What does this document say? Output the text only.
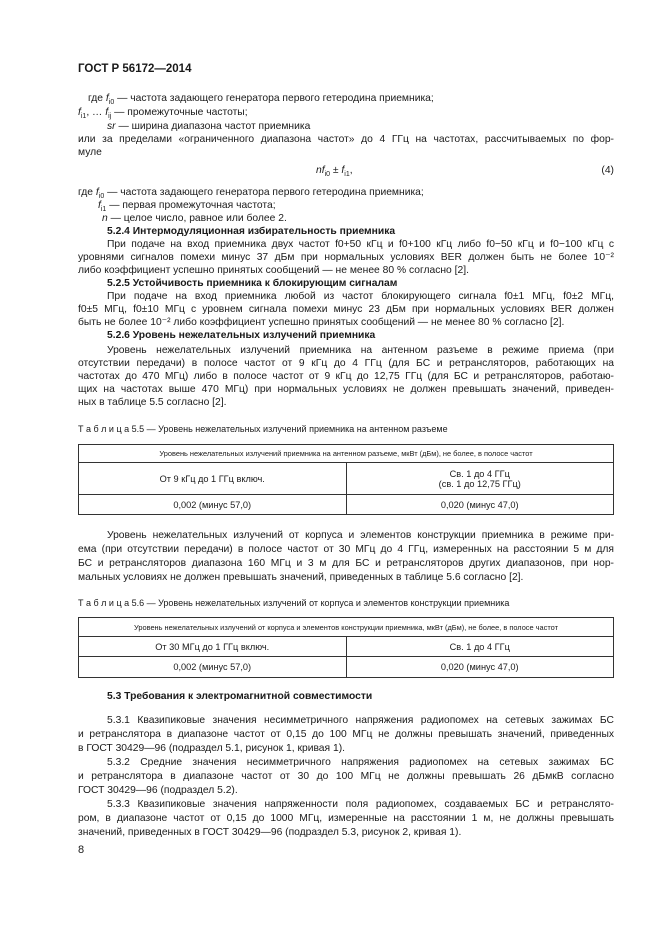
ГОСТ Р 56172—2014
где $f_{i0}$ — частота задающего генератора первого гетеродина приемника;
$f_{i1}$, … $f_{ij}$ — промежуточные частоты;
sr — ширина диапазона частот приемника
или за пределами «ограниченного диапазона частот» до 4 ГГц на частотах, рассчитываемых по фор-
муле
$nf_{i0} \pm f_{i1}$,	(4)
где $f_{i0}$ — частота задающего генератора первого гетеродина приемника;
$f_{i1}$ — первая промежуточная частота;
n — целое число, равное или более 2.
5.2.4 Интермодуляционная избирательность приемника
При подаче на вход приемника двух частот f0+50 кГц и f0+100 кГц либо f0−50 кГц и f0−100 кГц с
уровнями сигналов помехи минус 37 дБм при нормальных условиях BER должен быть не более 10⁻²
либо коэффициент успешно принятых сообщений — не менее 80 % согласно [2].
5.2.5 Устойчивость приемника к блокирующим сигналам
При подаче на вход приемника любой из частот блокирующего сигнала f0±1 МГц, f0±2 МГц,
f0±5 МГц, f0±10 МГц с уровнем сигнала помехи минус 23 дБм при нормальных условиях BER должен
быть не более 10⁻² либо коэффициент успешно принятых сообщений — не менее 80 % согласно [2].
5.2.6 Уровень нежелательных излучений приемника
Уровень нежелательных излучений приемника на антенном разъеме в режиме приема (при
отсутствии передачи) в полосе частот от 9 кГц до 4 ГГц (для БС и ретрансляторов, работающих на
частотах до 470 МГц) либо в полосе частот от 9 кГц до 12,75 ГГц (для БС и ретрансляторов, работаю-
щих на частотах выше 470 МГц) при нормальных условиях не должен превышать значений, приведен-
ных в таблице 5.5 согласно [2].
Т а б л и ц а 5.5 — Уровень нежелательных излучений приемника на антенном разъеме
Уровень нежелательных излучений приемника на антенном разъеме, мкВт (дБм), не более, в полосе частот	
От 9 кГц до 1 ГГц включ.	Св. 1 до 4 ГГц
(св. 1 до 12,75 ГГц)
0,002 (минус 57,0)	0,020 (минус 47,0)
Уровень нежелательных излучений от корпуса и элементов конструкции приемника в режиме при-
ема (при отсутствии передачи) в полосе частот от 30 МГц до 4 ГГц, измеренных на расстоянии 5 м для
БС и ретрансляторов диапазона 160 МГц и 3 м для БС и ретрансляторов других диапазонов, при нор-
мальных условиях не должен превышать значений, приведенных в таблице 5.6 согласно [2].
Т а б л и ц а 5.6 — Уровень нежелательных излучений от корпуса и элементов конструкции приемника
Уровень нежелательных излучений от корпуса и элементов конструкции приемника, мкВт (дБм), не более, в полосе частот	
От 30 МГц до 1 ГГц включ.	Св. 1 до 4 ГГц
0,002 (минус 57,0)	0,020 (минус 47,0)
5.3 Требования к электромагнитной совместимости
5.3.1 Квазипиковые значения несимметричного напряжения радиопомех на сетевых зажимах БС
и ретранслятора в диапазоне частот от 0,15 до 100 МГц не должны превышать значений, приведенных
в ГОСТ 30429—96 (подраздел 5.1, рисунок 1, кривая 1).
5.3.2 Средние значения несимметричного напряжения радиопомех на сетевых зажимах БС
и ретранслятора в диапазоне частот от 30 до 100 МГц не должны превышать 26 дБмкВ согласно
ГОСТ 30429—96 (подраздел 5.2).
5.3.3 Квазипиковые значения напряженности поля радиопомех, создаваемых БС и ретранслято-
ром, в диапазоне частот от 0,15 до 1000 МГц, измеренные на расстоянии 1 м, не должны превышать
значений, приведенных в ГОСТ 30429—96 (подраздел 5.3, рисунок 2, кривая 1).
8
